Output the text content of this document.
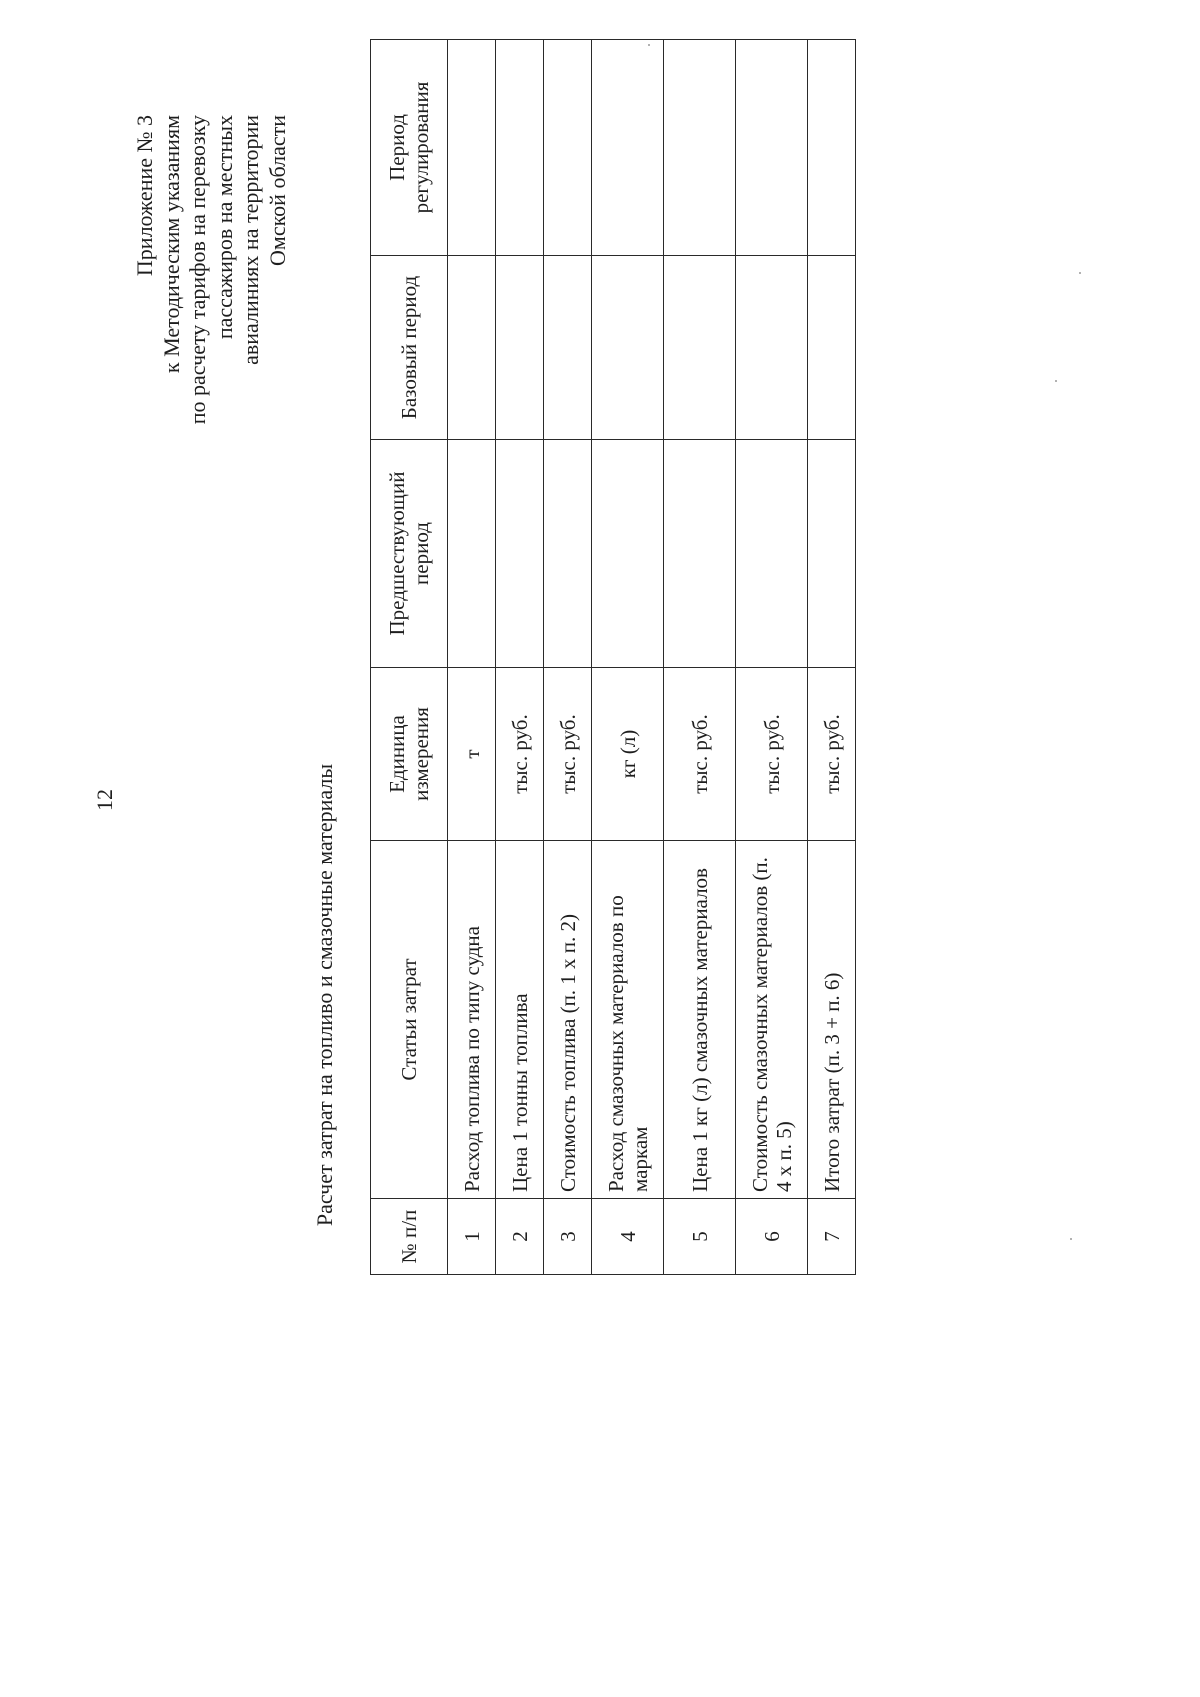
12
Приложение № 3 к Методическим указаниям по расчету тарифов на перевозку пассажиров на местных авиалиниях на территории Омской области
Расчет затрат на топливо и смазочные материалы
№ п/п	Статьи затрат	Единица измерения	Предшествующий период	Базовый период	Период регулирования
1	Расход топлива по типу судна	т			
2	Цена 1 тонны топлива	тыс. руб.			
3	Стоимость топлива (п. 1 х п. 2)	тыс. руб.			
4	Расход смазочных материалов по маркам	кг (л)			
5	Цена 1 кг (л) смазочных материалов	тыс. руб.			
6	Стоимость смазочных материалов (п. 4 х п. 5)	тыс. руб.			
7	Итого затрат (п. 3 + п. 6)	тыс. руб.			
